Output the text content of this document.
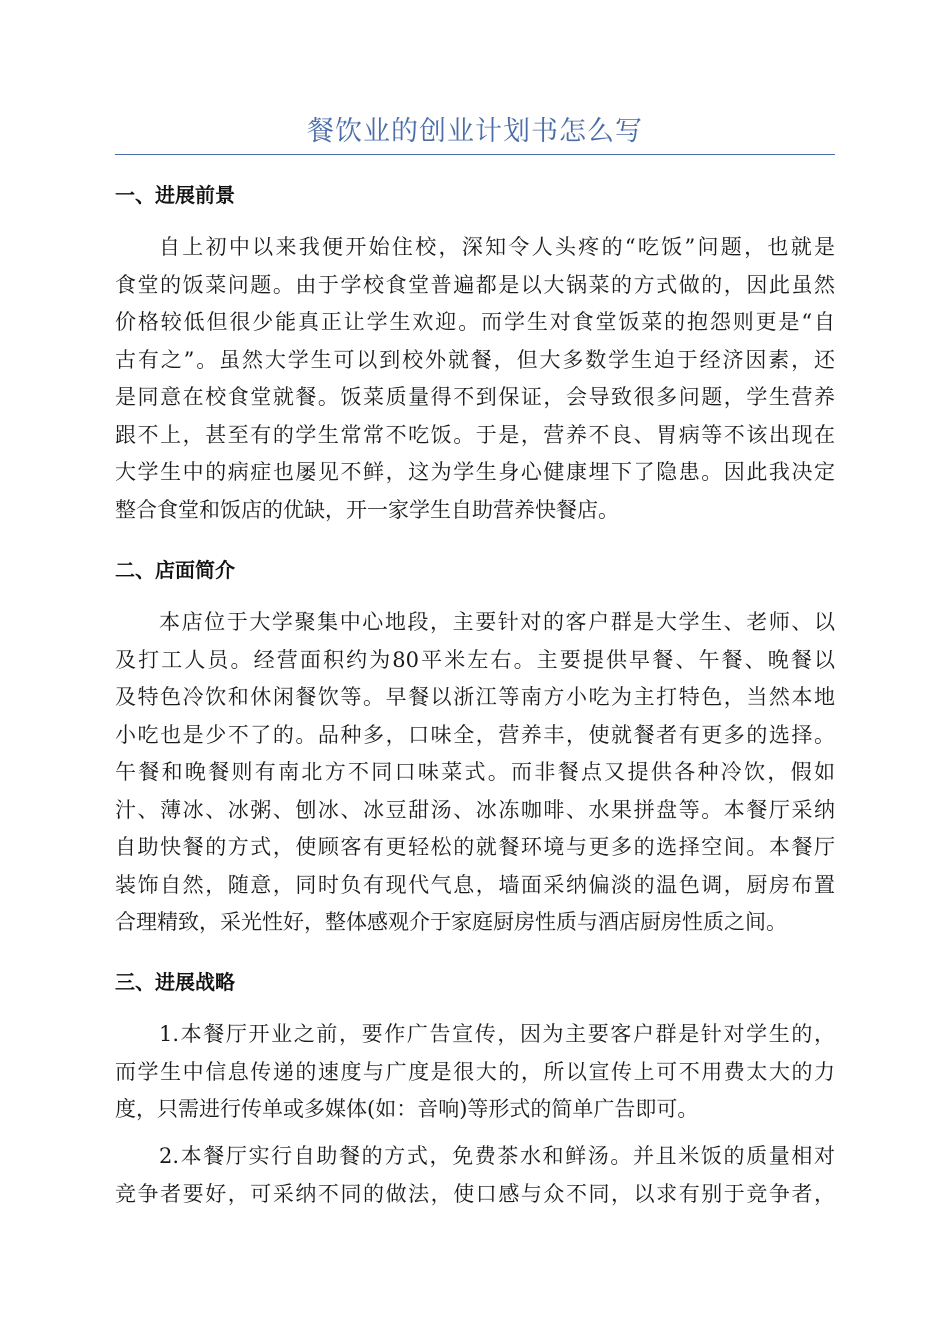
餐饮业的创业计划书怎么写
一、进展前景
自上初中以来我便开始住校，深知令人头疼的“吃饭”问题，也就是
食堂的饭菜问题。由于学校食堂普遍都是以大锅菜的方式做的，因此虽然
价格较低但很少能真正让学生欢迎。而学生对食堂饭菜的抱怨则更是“自
古有之”。虽然大学生可以到校外就餐，但大多数学生迫于经济因素，还
是同意在校食堂就餐。饭菜质量得不到保证，会导致很多问题，学生营养
跟不上，甚至有的学生常常不吃饭。于是，营养不良、胃病等不该出现在
大学生中的病症也屡见不鲜，这为学生身心健康埋下了隐患。因此我决定
整合食堂和饭店的优缺，开一家学生自助营养快餐店。
二、店面简介
本店位于大学聚集中心地段，主要针对的客户群是大学生、老师、以
及打工人员。经营面积约为80平米左右。主要提供早餐、午餐、晚餐以
及特色冷饮和休闲餐饮等。早餐以浙江等南方小吃为主打特色，当然本地
小吃也是少不了的。品种多，口味全，营养丰，使就餐者有更多的选择。
午餐和晚餐则有南北方不同口味菜式。而非餐点又提供各种冷饮，假如
汁、薄冰、冰粥、刨冰、冰豆甜汤、冰冻咖啡、水果拼盘等。本餐厅采纳
自助快餐的方式，使顾客有更轻松的就餐环境与更多的选择空间。本餐厅
装饰自然，随意，同时负有现代气息，墙面采纳偏淡的温色调，厨房布置
合理精致，采光性好，整体感观介于家庭厨房性质与酒店厨房性质之间。
三、进展战略
1.本餐厅开业之前，要作广告宣传，因为主要客户群是针对学生的，
而学生中信息传递的速度与广度是很大的，所以宣传上可不用费太大的力
度，只需进行传单或多媒体(如：音响)等形式的简单广告即可。
2.本餐厅实行自助餐的方式，免费茶水和鲜汤。并且米饭的质量相对
竞争者要好，可采纳不同的做法，使口感与众不同，以求有别于竞争者，
